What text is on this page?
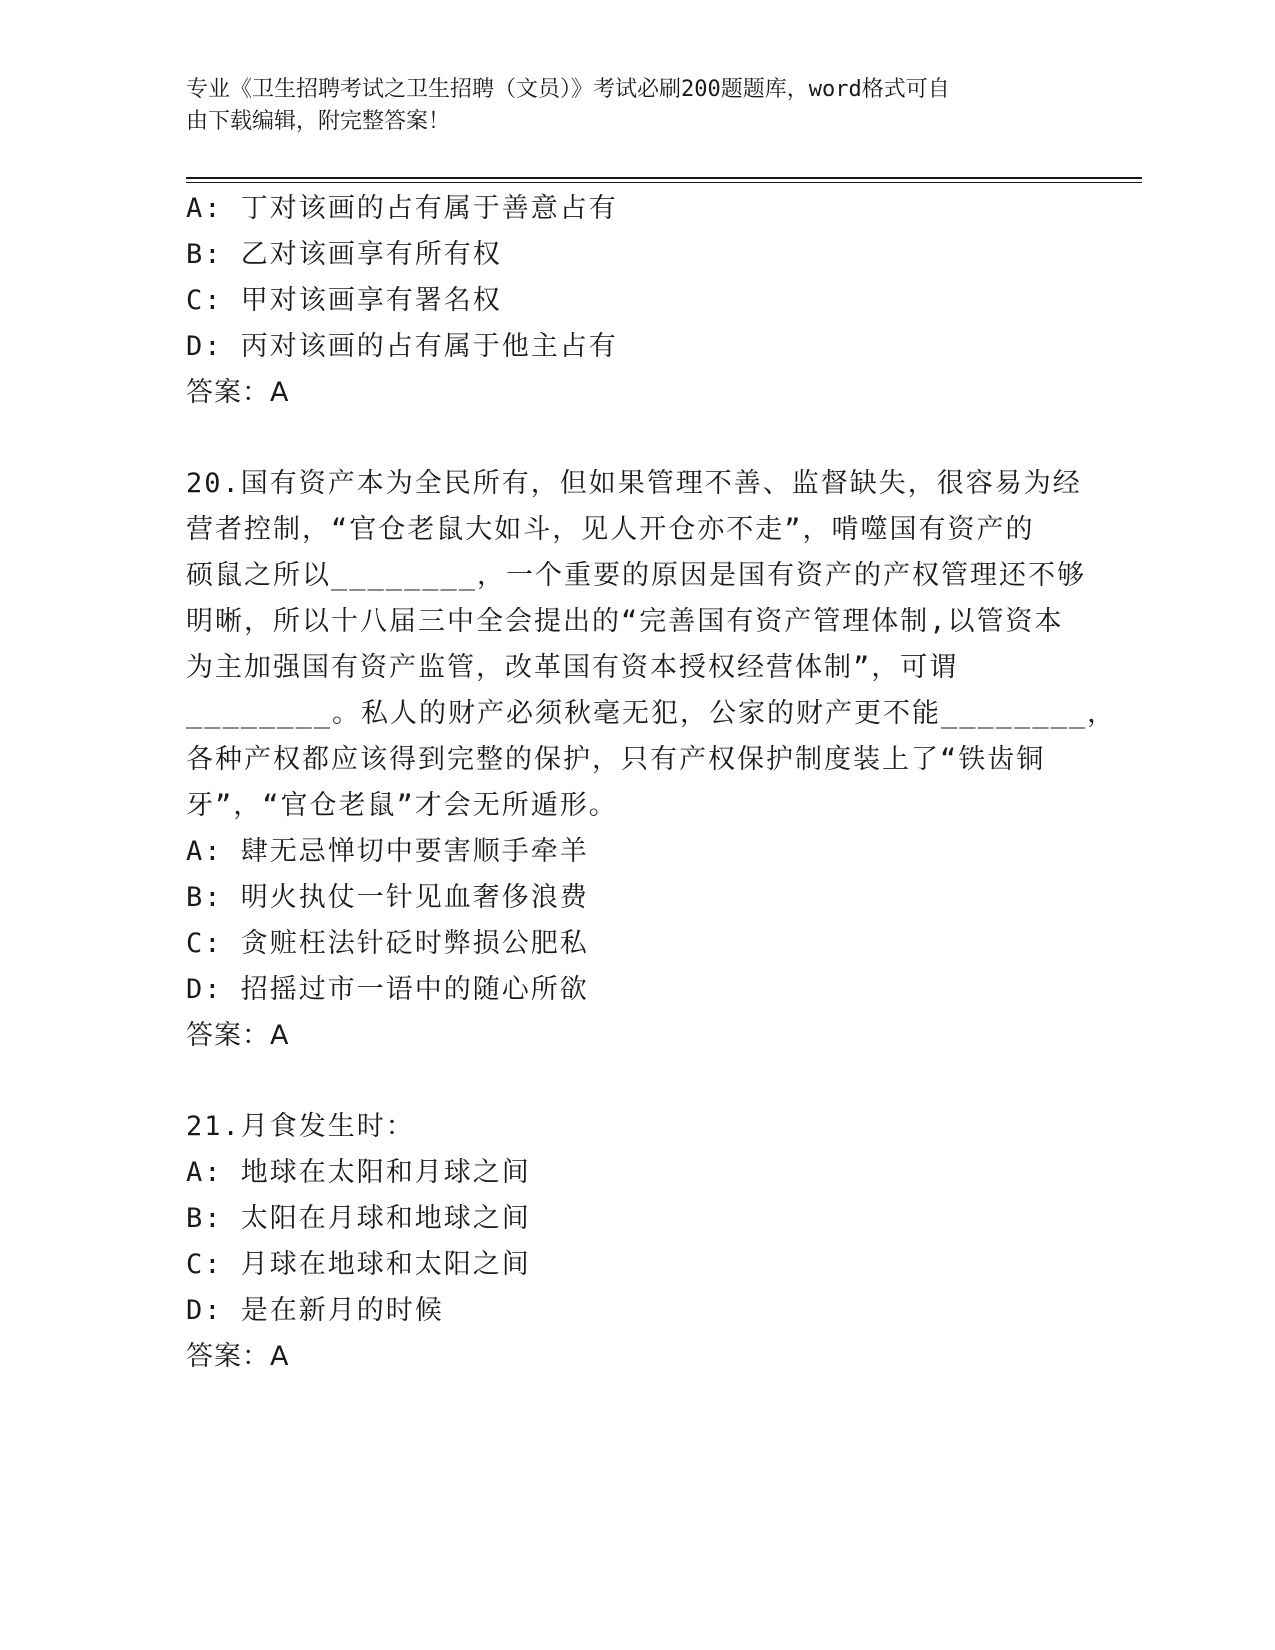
专业《卫生招聘考试之卫生招聘（文员）》考试必刷200题题库，word格式可自
由下载编辑，附完整答案！
A: 丁对该画的占有属于善意占有
B: 乙对该画享有所有权
C: 甲对该画享有署名权
D: 丙对该画的占有属于他主占有
答案：A
20.国有资产本为全民所有，但如果管理不善、监督缺失，很容易为经
营者控制，“官仓老鼠大如斗，见人开仓亦不走”，啃噬国有资产的
硕鼠之所以________，一个重要的原因是国有资产的产权管理还不够
明晰，所以十八届三中全会提出的“完善国有资产管理体制,以管资本
为主加强国有资产监管，改革国有资本授权经营体制”，可谓
________。私人的财产必须秋毫无犯，公家的财产更不能________，
各种产权都应该得到完整的保护，只有产权保护制度装上了“铁齿铜
牙”，“官仓老鼠”才会无所遁形。
A: 肆无忌惮切中要害顺手牵羊
B: 明火执仗一针见血奢侈浪费
C: 贪赃枉法针砭时弊损公肥私
D: 招摇过市一语中的随心所欲
答案：A
21.月食发生时：
A: 地球在太阳和月球之间
B: 太阳在月球和地球之间
C: 月球在地球和太阳之间
D: 是在新月的时候
答案：A
